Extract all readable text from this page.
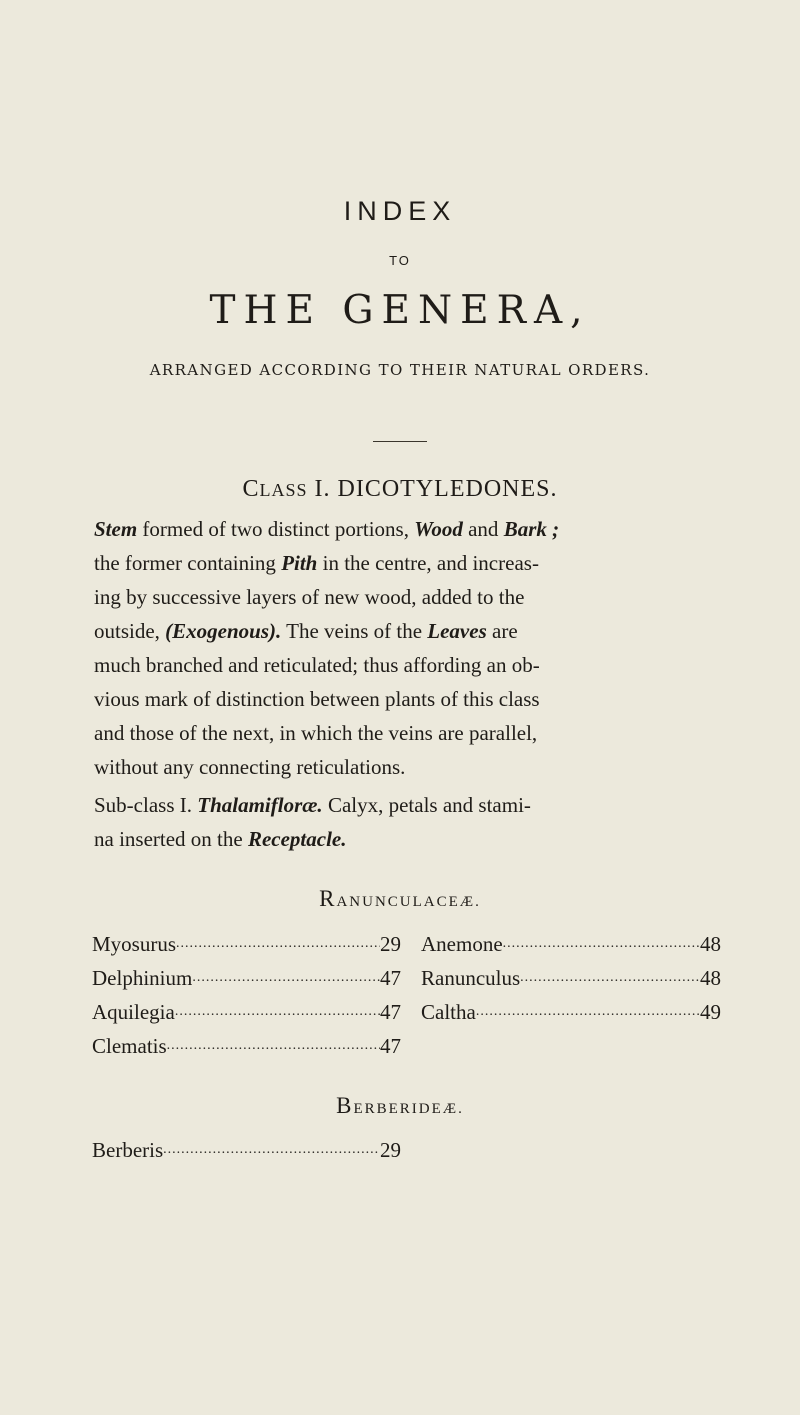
INDEX
TO
THE GENERA,
ARRANGED ACCORDING TO THEIR NATURAL ORDERS.
CLASS I. DICOTYLEDONES.
Stem formed of two distinct portions, Wood and Bark ;
the former containing Pith in the centre, and increas-
ing by successive layers of new wood, added to the
outside, (Exogenous). The veins of the Leaves are
much branched and reticulated; thus affording an ob-
vious mark of distinction between plants of this class
and those of the next, in which the veins are parallel,
without any connecting reticulations.
Sub-class I. Thalamifloræ. Calyx, petals and stami-
na inserted on the Receptacle.
RANUNCULACEÆ.
Myosurus .....	29
Delphinium .....	47
Aquilegia .....	47
Clematis .....	47
Anemone .....	48
Ranunculus .....	48
Caltha .....	49
BERBERIDEÆ.
Berberis .....	29
